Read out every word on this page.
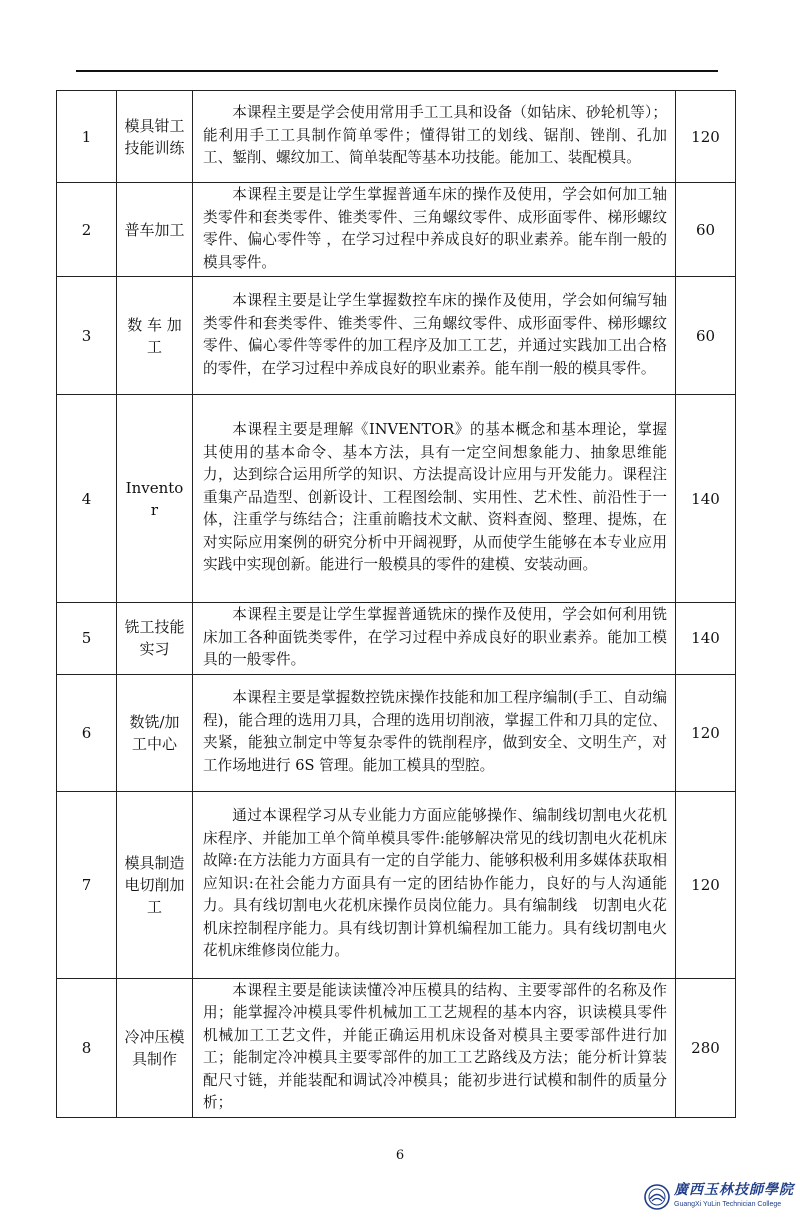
1	模具钳工技能训练	本课程主要是学会使用常用手工工具和设备（如钻床、砂轮机等）；能利用手工工具制作简单零件；懂得钳工的划线、锯削、锉削、孔加工、錾削、螺纹加工、简单装配等基本功技能。能加工、装配模具。	120
2	普车加工	本课程主要是让学生掌握普通车床的操作及使用，学会如何加工轴类零件和套类零件、锥类零件、三角螺纹零件、成形面零件、梯形螺纹零件、偏心零件等 ，在学习过程中养成良好的职业素养。能车削一般的模具零件。	60
3	数 车 加工	本课程主要是让学生掌握数控车床的操作及使用，学会如何编写轴类零件和套类零件、锥类零件、三角螺纹零件、成形面零件、梯形螺纹零件、偏心零件等零件的加工程序及加工工艺，并通过实践加工出合格的零件，在学习过程中养成良好的职业素养。能车削一般的模具零件。	60
4	Inventor	本课程主要是理解《INVENTOR》的基本概念和基本理论，掌握其使用的基本命令、基本方法，具有一定空间想象能力、抽象思维能力，达到综合运用所学的知识、方法提高设计应用与开发能力。课程注重集产品造型、创新设计、工程图绘制、实用性、艺术性、前沿性于一体，注重学与练结合；注重前瞻技术文献、资料查阅、整理、提炼，在对实际应用案例的研究分析中开阔视野，从而使学生能够在本专业应用实践中实现创新。能进行一般模具的零件的建模、安装动画。	140
5	铣工技能实习	本课程主要是让学生掌握普通铣床的操作及使用，学会如何利用铣床加工各种面铣类零件，在学习过程中养成良好的职业素养。能加工模具的一般零件。	140
6	数铣/加工中心	本课程主要是掌握数控铣床操作技能和加工程序编制(手工、自动编程)，能合理的选用刀具，合理的选用切削液，掌握工件和刀具的定位、夹紧，能独立制定中等复杂零件的铣削程序，做到安全、文明生产，对工作场地进行 6S 管理。能加工模具的型腔。	120
7	模具制造电切削加工	通过本课程学习从专业能力方面应能够操作、编制线切割电火花机床程序、并能加工单个简单模具零件:能够解决常见的线切割电火花机床故障:在方法能力方面具有一定的自学能力、能够积极利用多媒体获取相应知识:在社会能力方面具有一定的团结协作能力，良好的与人沟通能力。具有线切割电火花机床操作员岗位能力。具有编制线　切割电火花机床控制程序能力。具有线切割计算机编程加工能力。具有线切割电火花机床维修岗位能力。	120
8	冷冲压模具制作	本课程主要是能读读懂冷冲压模具的结构、主要零部件的名称及作用；能掌握冷冲模具零件机械加工工艺规程的基本内容，识读模具零件机械加工工艺文件，并能正确运用机床设备对模具主要零部件进行加工；能制定冷冲模具主要零部件的加工工艺路线及方法；能分析计算装配尺寸链，并能装配和调试冷冲模具；能初步进行试模和制件的质量分析；	280
6
廣西玉林技師學院
GuangXi YuLin Technician College
